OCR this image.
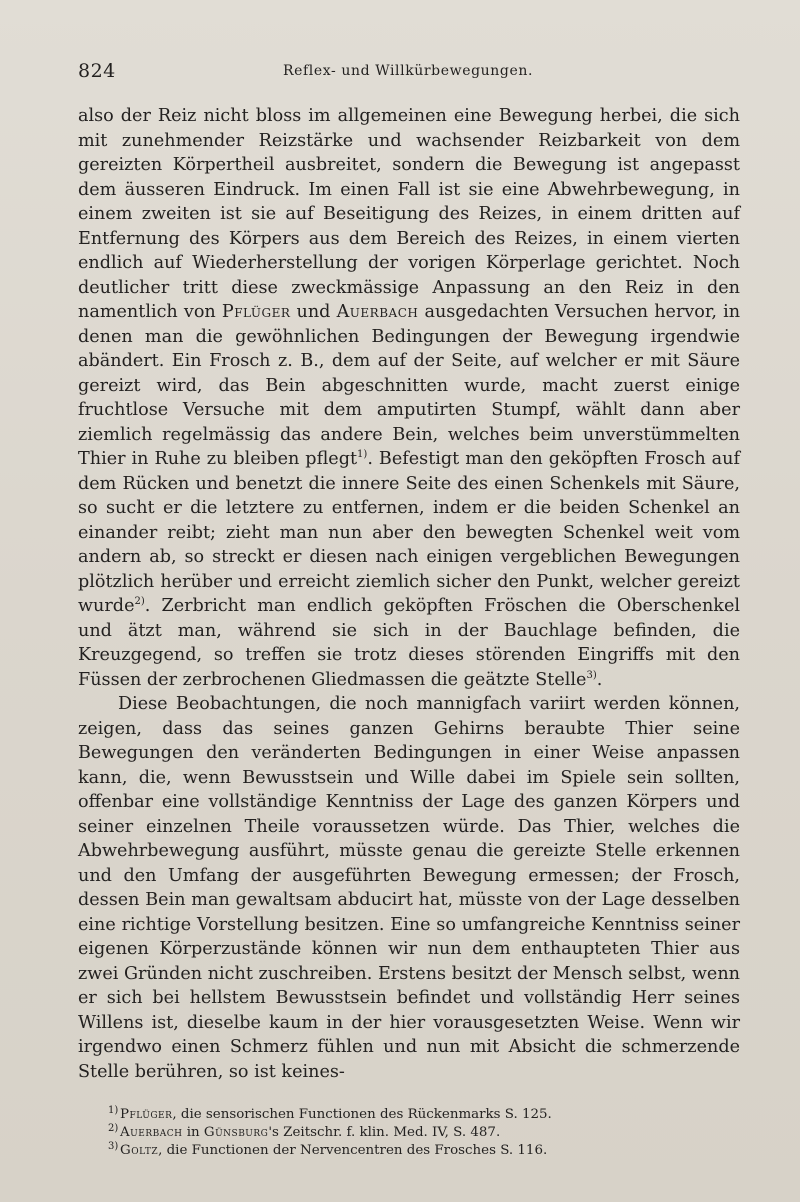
824	Reflex- und Willkürbewegungen.

also der Reiz nicht bloss im allgemeinen eine Bewegung herbei, die sich mit zunehmender Reizstärke und wachsender Reizbarkeit von dem gereizten Körpertheil ausbreitet, sondern die Bewegung ist angepasst dem äusseren Eindruck. Im einen Fall ist sie eine Abwehrbewegung, in einem zweiten ist sie auf Beseitigung des Reizes, in einem dritten auf Entfernung des Körpers aus dem Bereich des Reizes, in einem vierten endlich auf Wiederherstellung der vorigen Körperlage gerichtet. Noch deutlicher tritt diese zweckmässige Anpassung an den Reiz in den namentlich von Pflüger und Auerbach ausgedachten Versuchen hervor, in denen man die gewöhnlichen Bedingungen der Bewegung irgendwie abändert. Ein Frosch z. B., dem auf der Seite, auf welcher er mit Säure gereizt wird, das Bein abgeschnitten wurde, macht zuerst einige fruchtlose Versuche mit dem amputirten Stumpf, wählt dann aber ziemlich regelmässig das andere Bein, welches beim unverstümmelten Thier in Ruhe zu bleiben pflegt$^{1)}$. Befestigt man den geköpften Frosch auf dem Rücken und benetzt die innere Seite des einen Schenkels mit Säure, so sucht er die letztere zu entfernen, indem er die beiden Schenkel an einander reibt; zieht man nun aber den bewegten Schenkel weit vom andern ab, so streckt er diesen nach einigen vergeblichen Bewegungen plötzlich herüber und erreicht ziemlich sicher den Punkt, welcher gereizt wurde$^{2)}$. Zerbricht man endlich geköpften Fröschen die Oberschenkel und ätzt man, während sie sich in der Bauchlage befinden, die Kreuzgegend, so treffen sie trotz dieses störenden Eingriffs mit den Füssen der zerbrochenen Gliedmassen die geätzte Stelle$^{3)}$.

Diese Beobachtungen, die noch mannigfach variirt werden können, zeigen, dass das seines ganzen Gehirns beraubte Thier seine Bewegungen den veränderten Bedingungen in einer Weise anpassen kann, die, wenn Bewusstsein und Wille dabei im Spiele sein sollten, offenbar eine vollständige Kenntniss der Lage des ganzen Körpers und seiner einzelnen Theile voraussetzen würde. Das Thier, welches die Abwehrbewegung ausführt, müsste genau die gereizte Stelle erkennen und den Umfang der ausgeführten Bewegung ermessen; der Frosch, dessen Bein man gewaltsam abducirt hat, müsste von der Lage desselben eine richtige Vorstellung besitzen. Eine so umfangreiche Kenntniss seiner eigenen Körperzustände können wir nun dem enthaupteten Thier aus zwei Gründen nicht zuschreiben. Erstens besitzt der Mensch selbst, wenn er sich bei hellstem Bewusstsein befindet und vollständig Herr seines Willens ist, dieselbe kaum in der hier vorausgesetzten Weise. Wenn wir irgendwo einen Schmerz fühlen und nun mit Absicht die schmerzende Stelle berühren, so ist keines-

1) Pflüger, die sensorischen Functionen des Rückenmarks S. 125.
2) Auerbach in Günsburg's Zeitschr. f. klin. Med. IV, S. 487.
3) Goltz, die Functionen der Nervencentren des Frosches S. 116.
